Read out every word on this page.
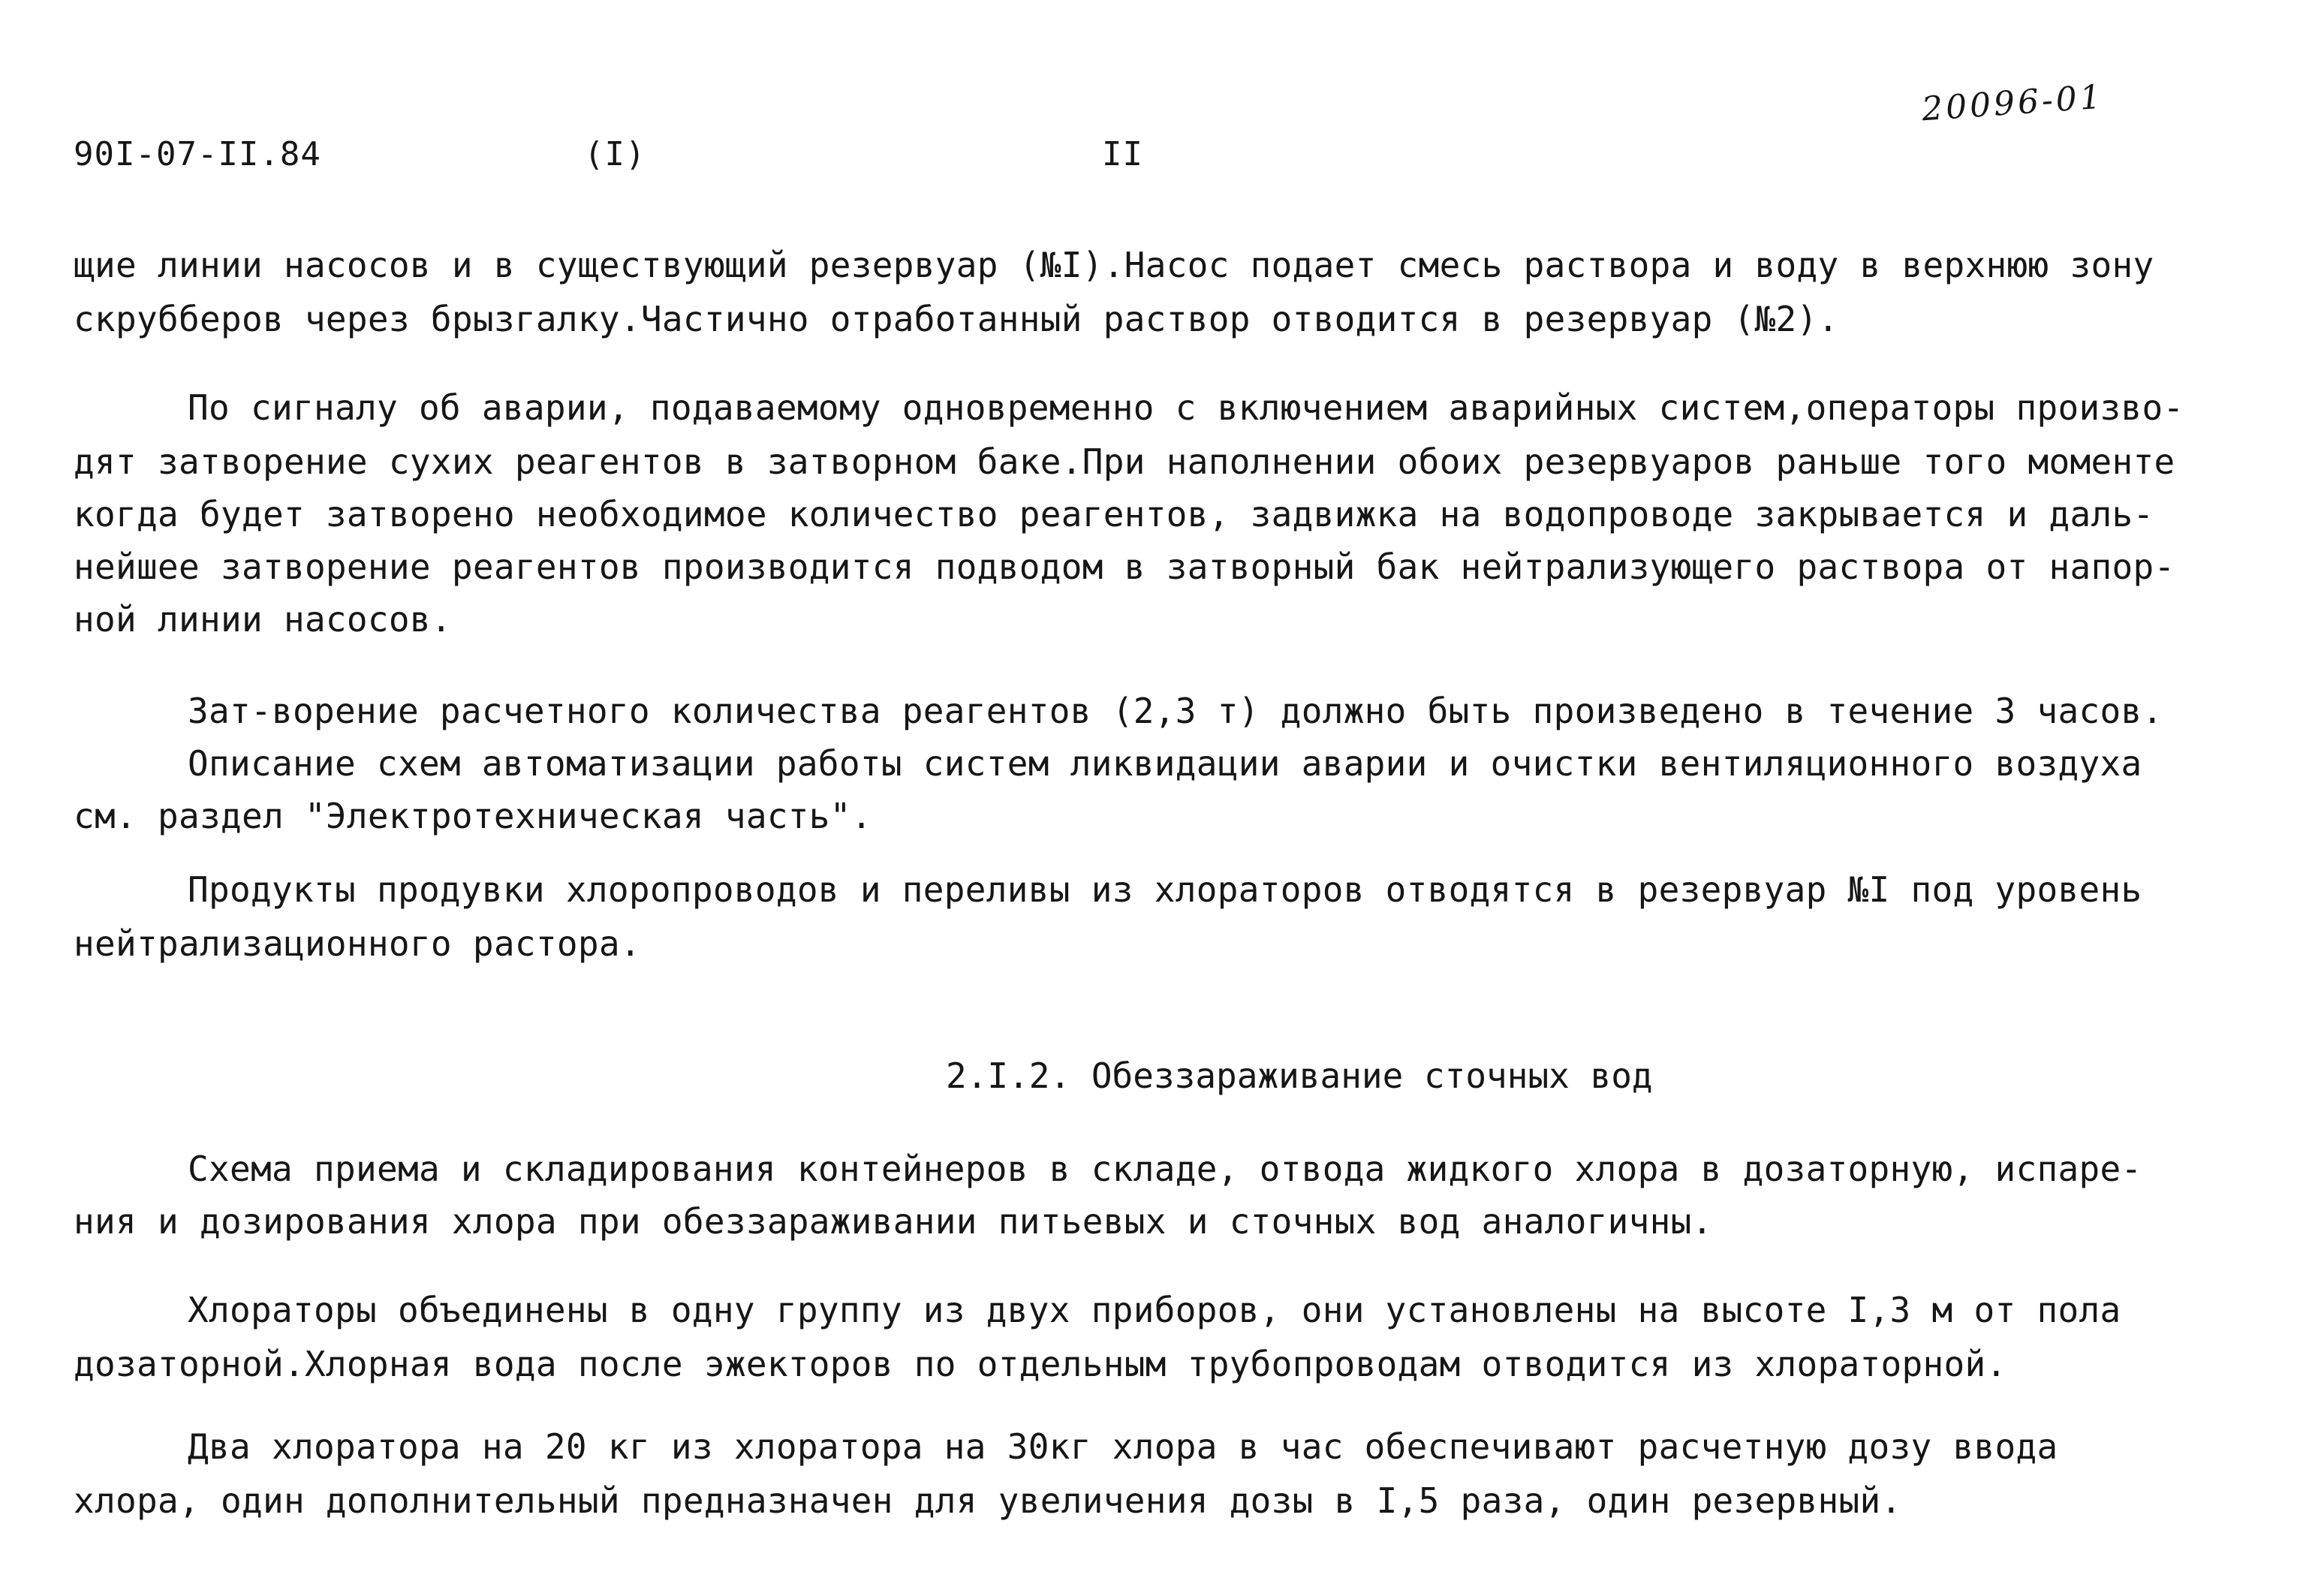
90I-07-II.84	(I)	II
20096-01
щие линии насосов и в существующий резервуар (№I).Насос подает смесь раствора и воду в верхнюю зону
скрубберов через брызгалку.Частично отработанный раствор отводится в резервуар (№2).
По сигналу об аварии, подаваемому одновременно с включением аварийных систем,операторы произво-
дят затворение сухих реагентов в затворном баке.При наполнении обоих резервуаров раньше того моменте
когда будет затворено необходимое количество реагентов, задвижка на водопроводе закрывается и даль-
нейшее затворение реагентов производится подводом в затворный бак нейтрализующего раствора от напор-
ной линии насосов.
Зат-ворение расчетного количества реагентов (2,3 т) должно быть произведено в течение 3 часов.
Описание схем автоматизации работы систем ликвидации аварии и очистки вентиляционного воздуха
см. раздел "Электротехническая часть".
Продукты продувки хлоропроводов и переливы из хлораторов отводятся в резервуар №I под уровень
нейтрализационного растора.
2.I.2. Обеззараживание сточных вод
Схема приема и складирования контейнеров в складе, отвода жидкого хлора в дозаторную, испаре-
ния и дозирования хлора при обеззараживании питьевых и сточных вод аналогичны.
Хлораторы объединены в одну группу из двух приборов, они установлены на высоте I,3 м от пола
дозаторной.Хлорная вода после эжекторов по отдельным трубопроводам отводится из хлораторной.
Два хлоратора на 20 кг из хлоратора на 30кг хлора в час обеспечивают расчетную дозу ввода
хлора, один дополнительный предназначен для увеличения дозы в I,5 раза, один резервный.
